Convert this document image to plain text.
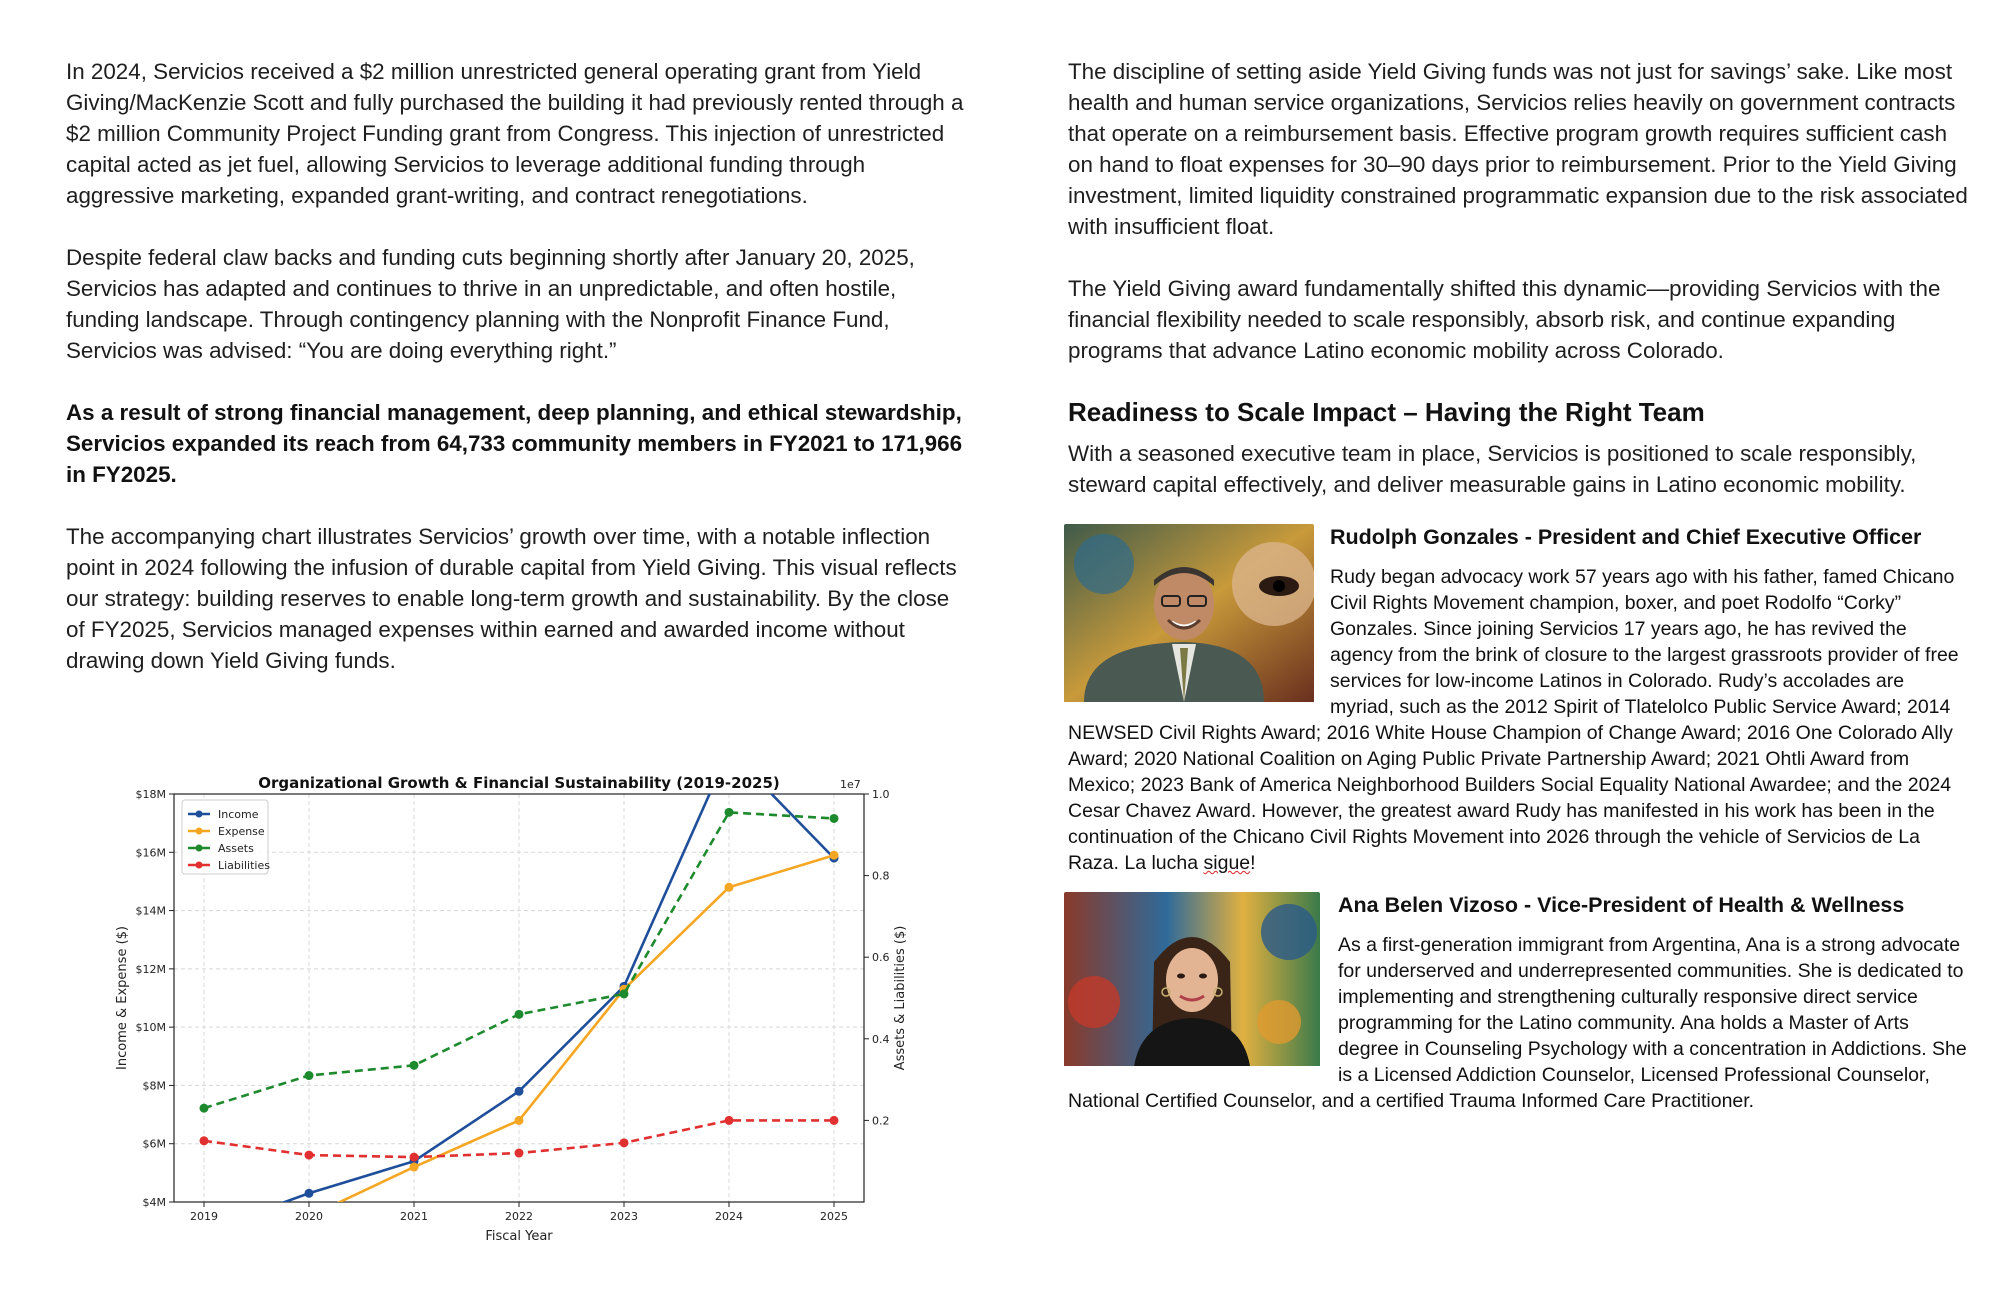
In 2024, Servicios received a $2 million unrestricted general operating grant from Yield Giving/MacKenzie Scott and fully purchased the building it had previously rented through a $2 million Community Project Funding grant from Congress. This injection of unrestricted capital acted as jet fuel, allowing Servicios to leverage additional funding through aggressive marketing, expanded grant-writing, and contract renegotiations.

Despite federal claw backs and funding cuts beginning shortly after January 20, 2025, Servicios has adapted and continues to thrive in an unpredictable, and often hostile, funding landscape. Through contingency planning with the Nonprofit Finance Fund, Servicios was advised: “You are doing everything right.”

As a result of strong financial management, deep planning, and ethical stewardship, Servicios expanded its reach from 64,733 community members in FY2021 to 171,966 in FY2025.

The accompanying chart illustrates Servicios’ growth over time, with a notable inflection point in 2024 following the infusion of durable capital from Yield Giving. This visual reflects our strategy: building reserves to enable long-term growth and sustainability. By the close of FY2025, Servicios managed expenses within earned and awarded income without drawing down Yield Giving funds.

$4M
$6M
$8M
$10M
$12M
$14M
$16M
$18M
0.2
0.4
0.6
0.8
1.0
1e7
2019	2020	2021	2022	2023	2024	2025
Organizational Growth & Financial Sustainability (2019-2025)
Fiscal Year
Income & Expense ($)	Assets & Liabilities ($)
Income
Expense
Assets
Liabilities

The discipline of setting aside Yield Giving funds was not just for savings’ sake. Like most health and human service organizations, Servicios relies heavily on government contracts that operate on a reimbursement basis. Effective program growth requires sufficient cash on hand to float expenses for 30–90 days prior to reimbursement. Prior to the Yield Giving investment, limited liquidity constrained programmatic expansion due to the risk associated with insufficient float.

The Yield Giving award fundamentally shifted this dynamic—providing Servicios with the financial flexibility needed to scale responsibly, absorb risk, and continue expanding programs that advance Latino economic mobility across Colorado.

Readiness to Scale Impact – Having the Right Team

With a seasoned executive team in place, Servicios is positioned to scale responsibly, steward capital effectively, and deliver measurable gains in Latino economic mobility.

Rudolph Gonzales - President and Chief Executive Officer

Rudy began advocacy work 57 years ago with his father, famed Chicano Civil Rights Movement champion, boxer, and poet Rodolfo “Corky” Gonzales. Since joining Servicios 17 years ago, he has revived the agency from the brink of closure to the largest grassroots provider of free services for low-income Latinos in Colorado. Rudy’s accolades are myriad, such as the 2012 Spirit of Tlatelolco Public Service Award; 2014 NEWSED Civil Rights Award; 2016 White House Champion of Change Award; 2016 One Colorado Ally Award; 2020 National Coalition on Aging Public Private Partnership Award; 2021 Ohtli Award from Mexico; 2023 Bank of America Neighborhood Builders Social Equality National Awardee; and the 2024 Cesar Chavez Award. However, the greatest award Rudy has manifested in his work has been in the continuation of the Chicano Civil Rights Movement into 2026 through the vehicle of Servicios de La Raza. La lucha sigue!

Ana Belen Vizoso - Vice-President of Health & Wellness

As a first-generation immigrant from Argentina, Ana is a strong advocate for underserved and underrepresented communities. She is dedicated to implementing and strengthening culturally responsive direct service programming for the Latino community. Ana holds a Master of Arts degree in Counseling Psychology with a concentration in Addictions. She is a Licensed Addiction Counselor, Licensed Professional Counselor, National Certified Counselor, and a certified Trauma Informed Care Practitioner.
